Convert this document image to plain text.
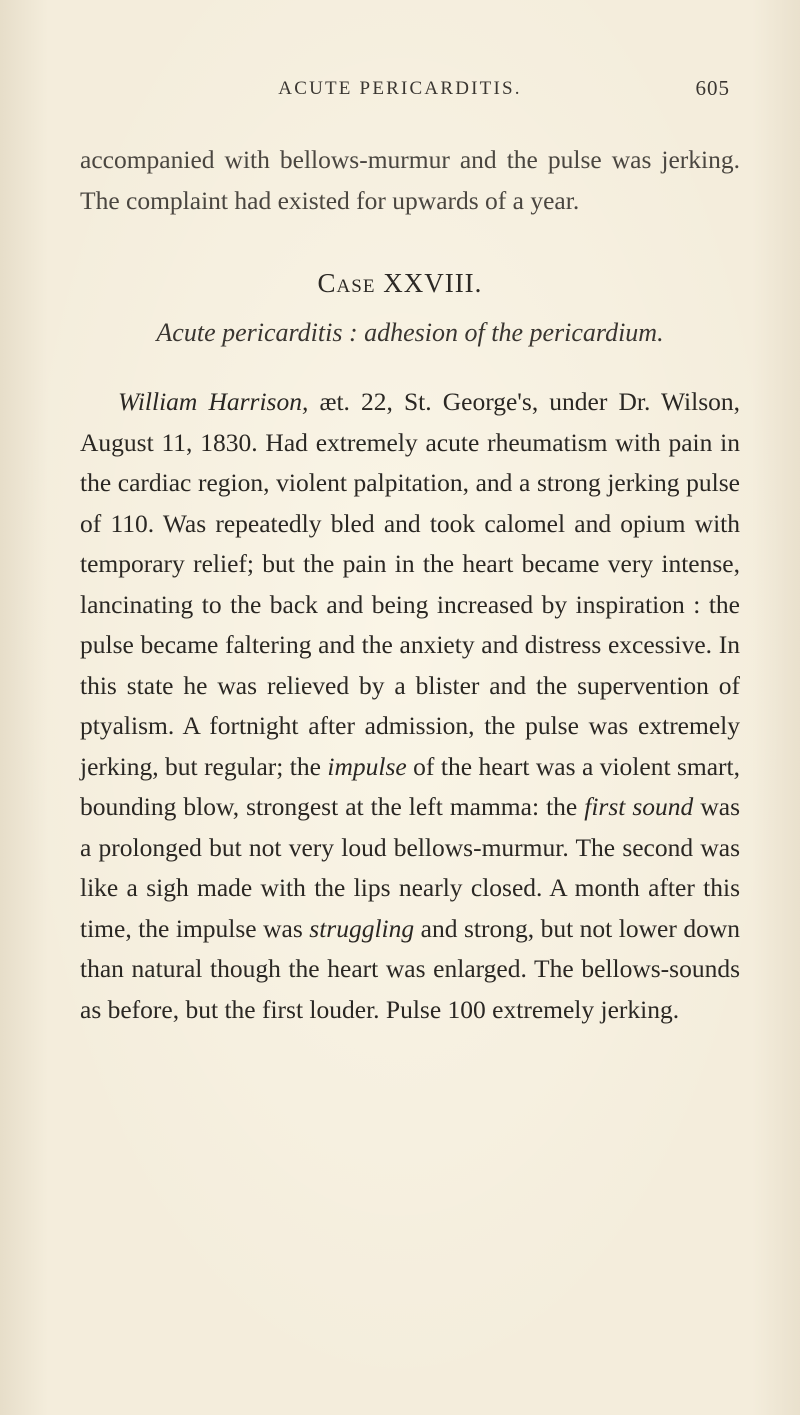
ACUTE PERICARDITIS.	605

accompanied with bellows-murmur and the pulse was jerking. The complaint had existed for upwards of a year.

Case XXVIII.
Acute pericarditis : adhesion of the pericardium.

William Harrison, æt. 22, St. George's, under Dr. Wilson, August 11, 1830. Had extremely acute rheumatism with pain in the cardiac region, violent palpitation, and a strong jerking pulse of 110. Was repeatedly bled and took calomel and opium with temporary relief; but the pain in the heart became very intense, lancinating to the back and being increased by inspiration : the pulse became faltering and the anxiety and distress excessive. In this state he was relieved by a blister and the supervention of ptyalism. A fortnight after admission, the pulse was extremely jerking, but regular; the impulse of the heart was a violent smart, bounding blow, strongest at the left mamma: the first sound was a prolonged but not very loud bellows-murmur. The second was like a sigh made with the lips nearly closed. A month after this time, the impulse was struggling and strong, but not lower down than natural though the heart was enlarged. The bellows-sounds as before, but the first louder. Pulse 100 extremely jerking.
